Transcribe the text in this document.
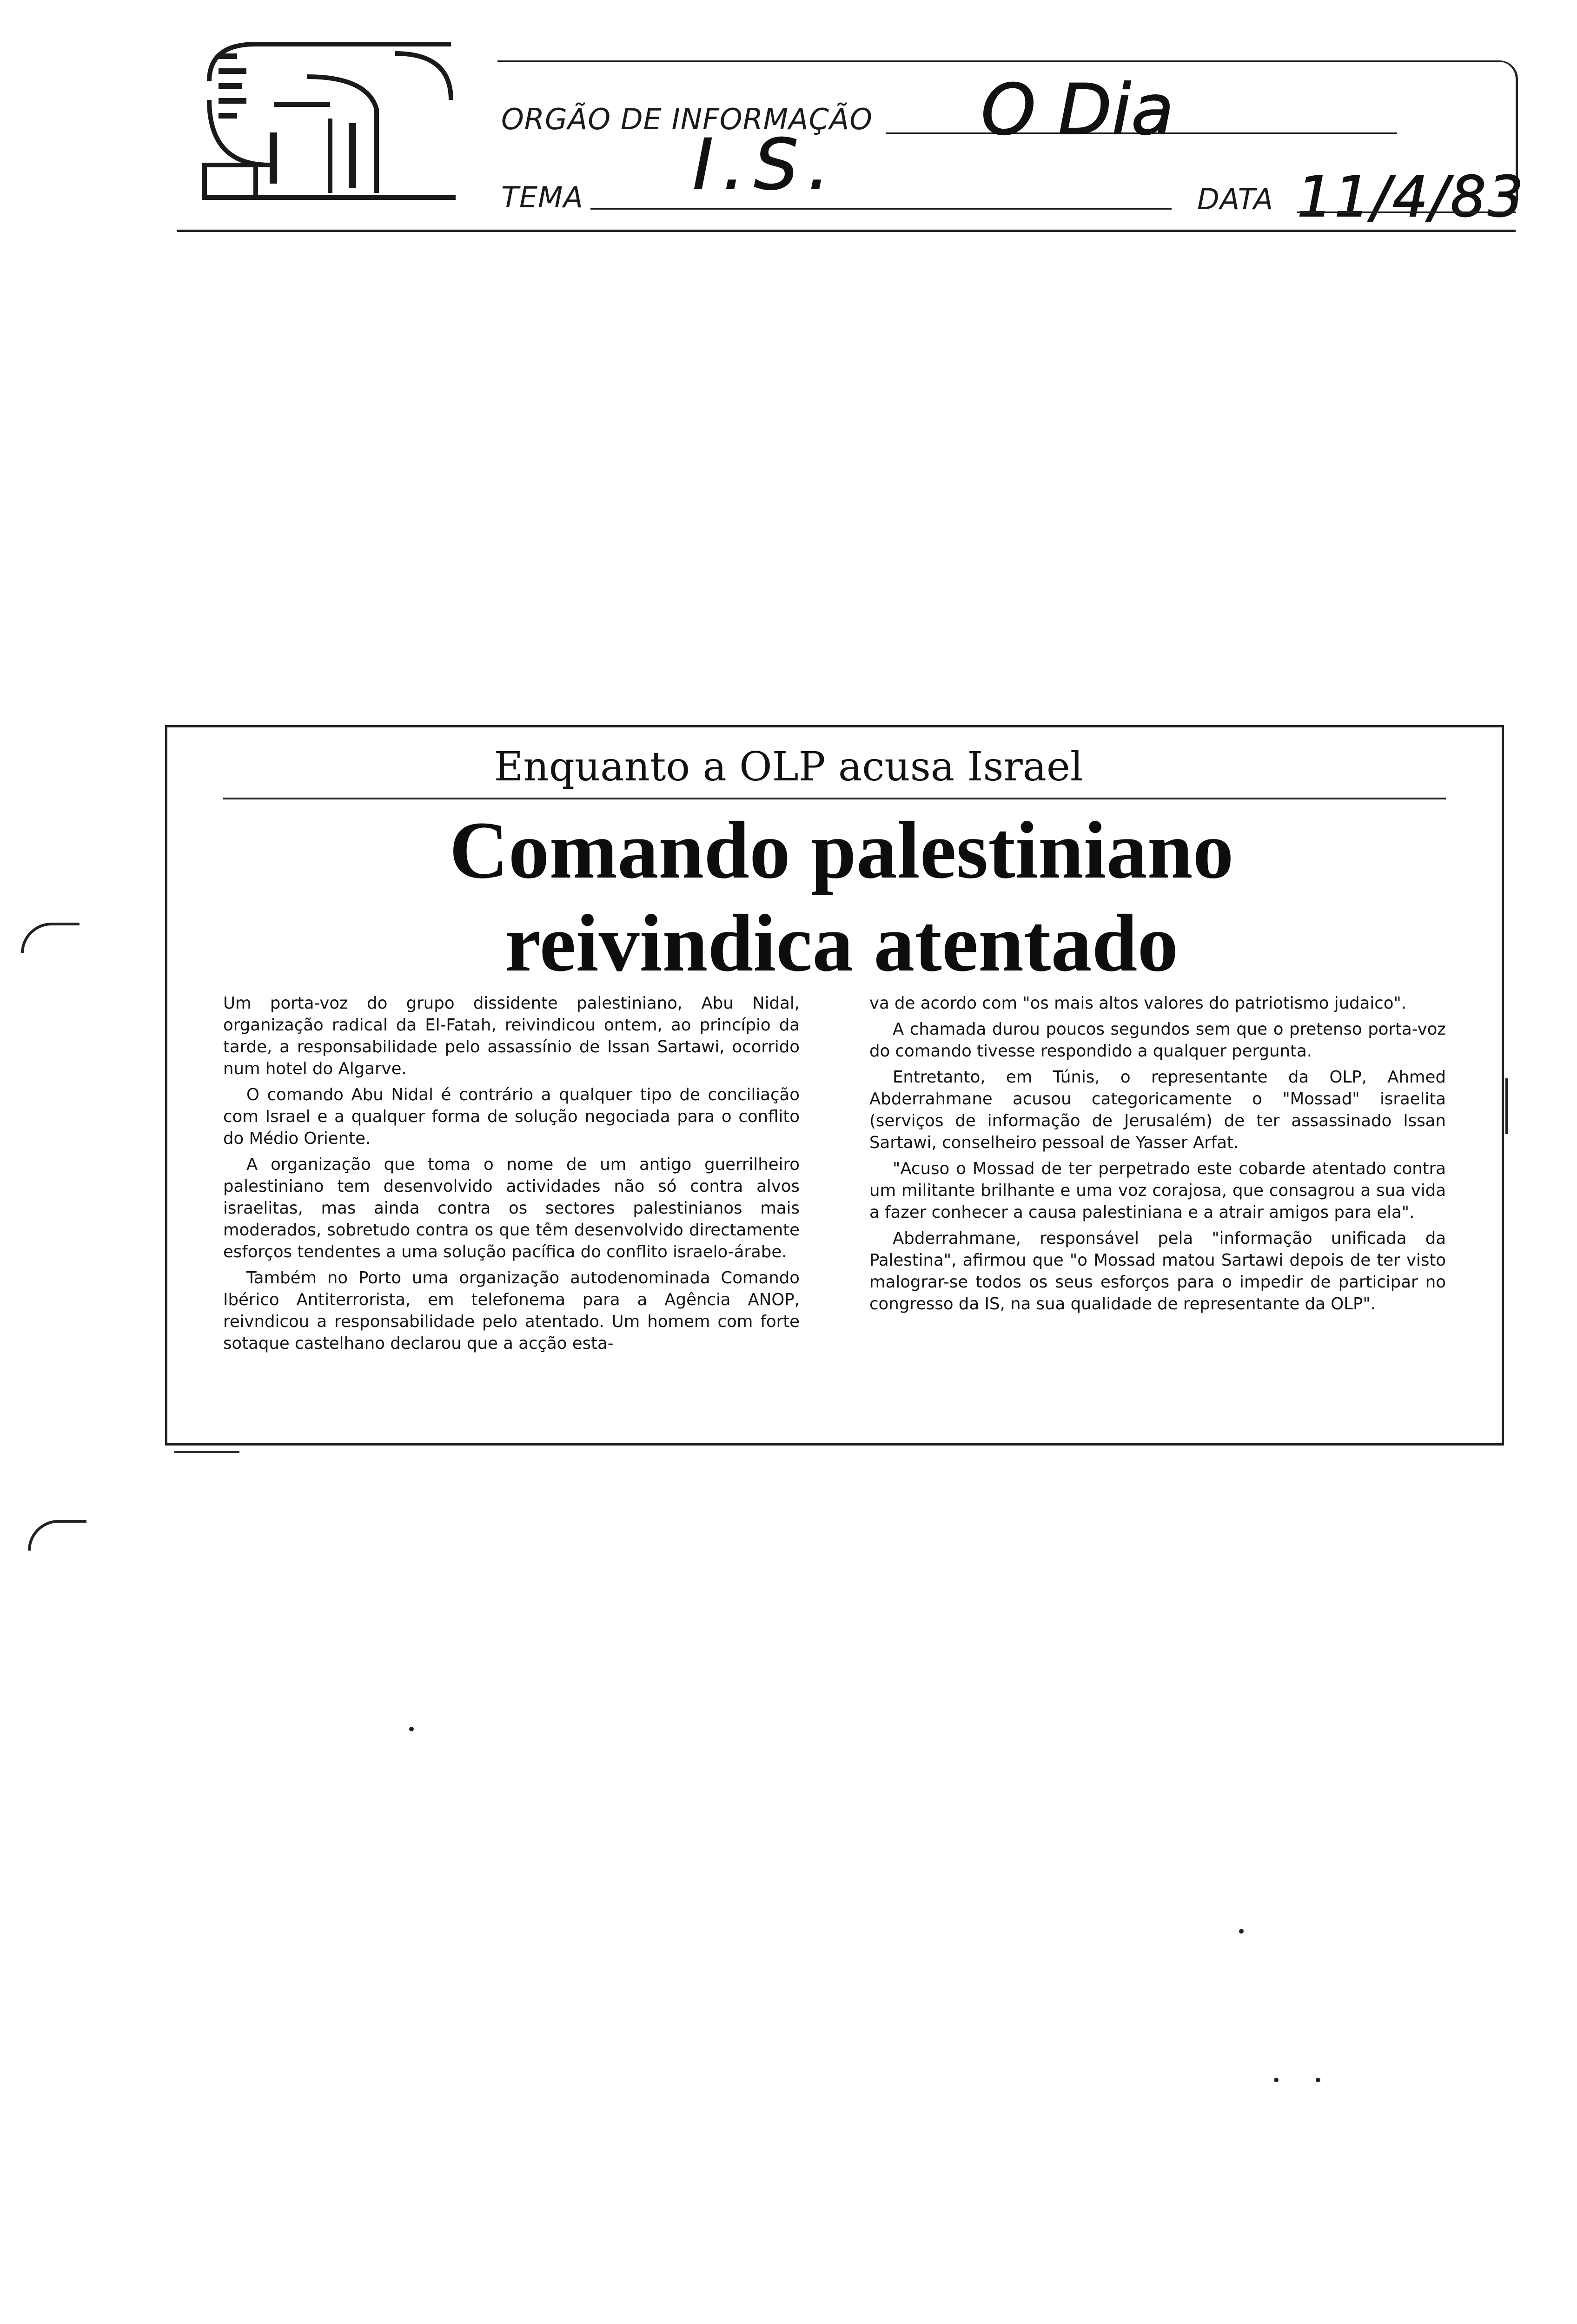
ORGÃO DE INFORMAÇÃO O Dia
TEMA I.S.	DATA 11/4/83
Enquanto a OLP acusa Israel
Comando palestiniano
reivindica atentado

Um porta-voz do grupo dissidente palestiniano, Abu Nidal, organização radical da El-Fatah, reivindicou ontem, ao princípio da tarde, a responsabilidade pelo assassínio de Issan Sartawi, ocorrido num hotel do Algarve.

O comando Abu Nidal é contrário a qualquer tipo de conciliação com Israel e a qualquer forma de solução negociada para o conflito do Médio Oriente.

A organização que toma o nome de um antigo guerrilheiro palestiniano tem desenvolvido actividades não só contra alvos israelitas, mas ainda contra os sectores palestinianos mais moderados, sobretudo contra os que têm desenvolvido directamente esforços tendentes a uma solução pacífica do conflito israelo-árabe.

Também no Porto uma organização autodenominada Comando Ibérico Antiterrorista, em telefonema para a Agência ANOP, reivndicou a responsabilidade pelo atentado. Um homem com forte sotaque castelhano declarou que a acção esta-

va de acordo com "os mais altos valores do patriotismo judaico".

A chamada durou poucos segundos sem que o pretenso porta-voz do comando tivesse respondido a qualquer pergunta.

Entretanto, em Túnis, o representante da OLP, Ahmed Abderrahmane acusou categoricamente o "Mossad" israelita (serviços de informação de Jerusalém) de ter assassinado Issan Sartawi, conselheiro pessoal de Yasser Arfat.

"Acuso o Mossad de ter perpetrado este cobarde atentado contra um militante brilhante e uma voz corajosa, que consagrou a sua vida a fazer conhecer a causa palestiniana e a atrair amigos para ela".

Abderrahmane, responsável pela "informação unificada da Palestina", afirmou que "o Mossad matou Sartawi depois de ter visto malograr-se todos os seus esforços para o impedir de participar no congresso da IS, na sua qualidade de representante da OLP".
